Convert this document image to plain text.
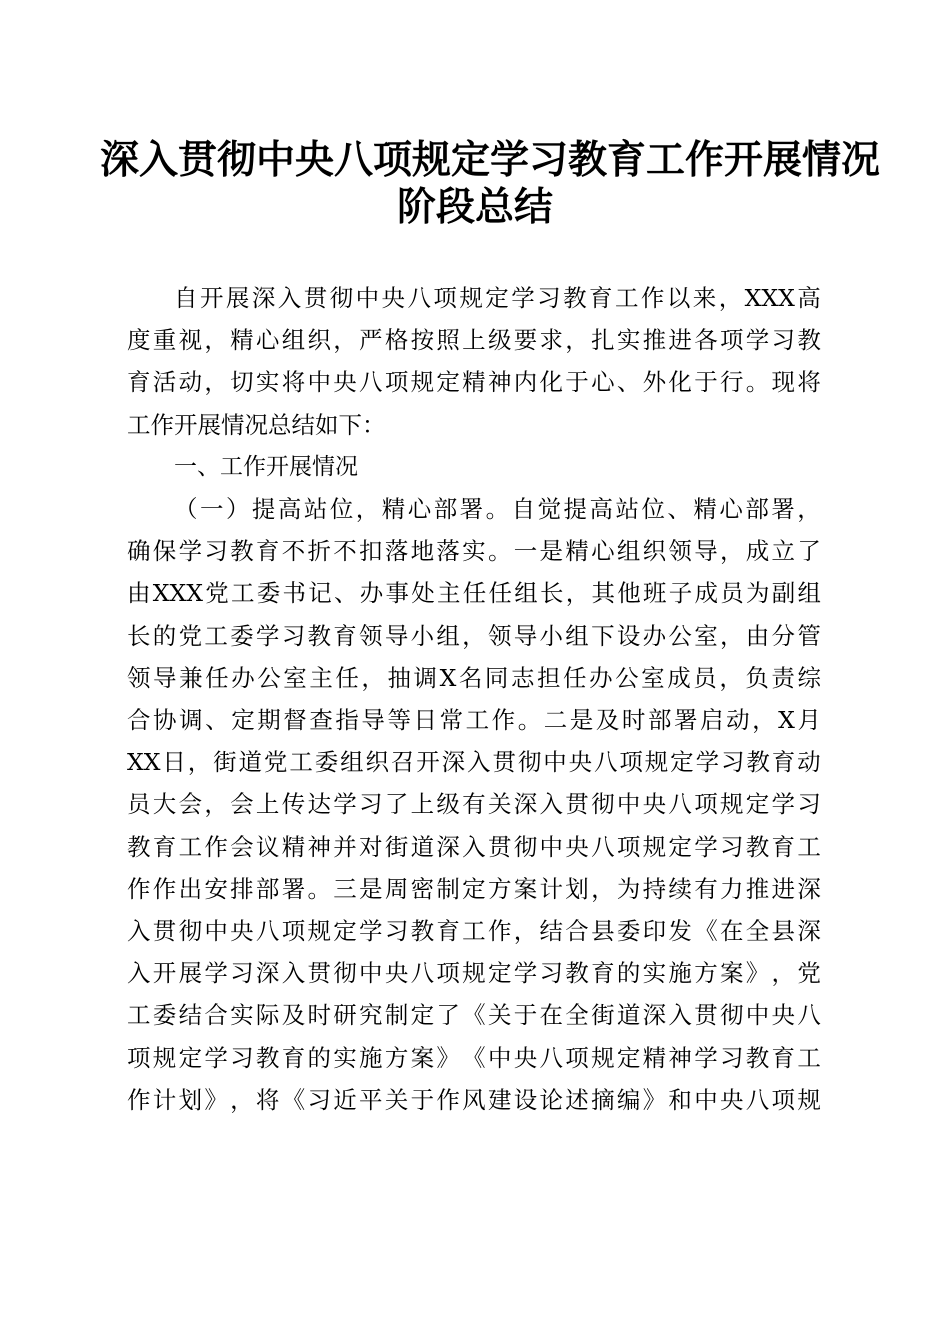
深入贯彻中央八项规定学习教育工作开展情况
阶段总结
自 开 展 深 入 贯 彻 中 央 八 项 规 定 学 习 教 育 工 作 以 来 ， XXX 高
度 重 视 ， 精 心 组 织 ， 严 格 按 照 上 级 要 求 ， 扎 实 推 进 各 项 学 习 教
育 活 动 ， 切 实 将 中 央 八 项 规 定 精 神 内 化 于 心 、 外 化 于 行 。 现 将
工作开展情况总结如下：
一、工作开展情况
（ 一 ） 提 高 站 位 ， 精 心 部 署 。 自 觉 提 高 站 位 、 精 心 部 署 ，
确 保 学 习 教 育 不 折 不 扣 落 地 落 实 。 一 是 精 心 组 织 领 导 ， 成 立 了
由 XXX 党 工 委 书 记 、 办 事 处 主 任 任 组 长 ， 其 他 班 子 成 员 为 副 组
长 的 党 工 委 学 习 教 育 领 导 小 组 ， 领 导 小 组 下 设 办 公 室 ， 由 分 管
领 导 兼 任 办 公 室 主 任 ， 抽 调 X 名 同 志 担 任 办 公 室 成 员 ， 负 责 综
合 协 调 、 定 期 督 查 指 导 等 日 常 工 作 。 二 是 及 时 部 署 启 动 ， X 月
XX 日 ， 街 道 党 工 委 组 织 召 开 深 入 贯 彻 中 央 八 项 规 定 学 习 教 育 动
员 大 会 ， 会 上 传 达 学 习 了 上 级 有 关 深 入 贯 彻 中 央 八 项 规 定 学 习
教 育 工 作 会 议 精 神 并 对 街 道 深 入 贯 彻 中 央 八 项 规 定 学 习 教 育 工
作 作 出 安 排 部 署 。 三 是 周 密 制 定 方 案 计 划 ， 为 持 续 有 力 推 进 深
入 贯 彻 中 央 八 项 规 定 学 习 教 育 工 作 ， 结 合 县 委 印 发 《 在 全 县 深
入 开 展 学 习 深 入 贯 彻 中 央 八 项 规 定 学 习 教 育 的 实 施 方 案 》 ， 党
工 委 结 合 实 际 及 时 研 究 制 定 了 《 关 于 在 全 街 道 深 入 贯 彻 中 央 八
项 规 定 学 习 教 育 的 实 施 方 案 》 《 中 央 八 项 规 定 精 神 学 习 教 育 工
作 计 划 》 ， 将 《 习 近 平 关 于 作 风 建 设 论 述 摘 编 》 和 中 央 八 项 规
